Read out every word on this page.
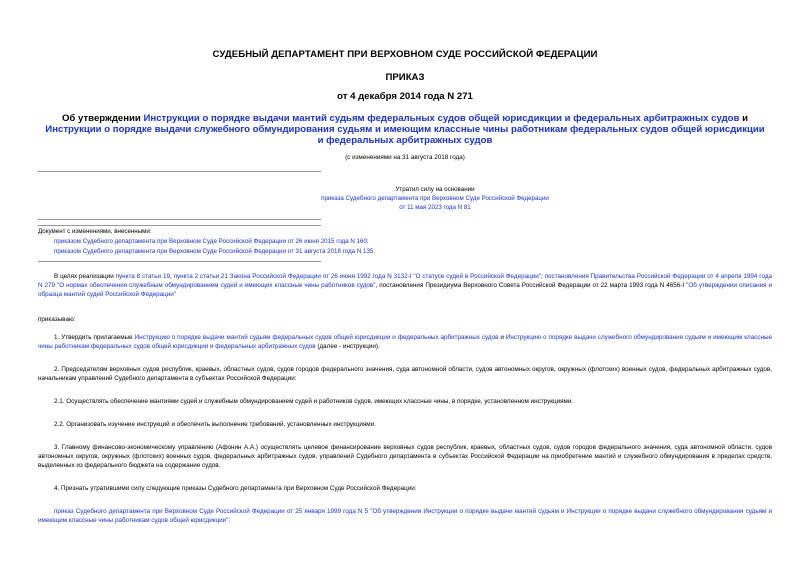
СУДЕБНЫЙ ДЕПАРТАМЕНТ ПРИ ВЕРХОВНОМ СУДЕ РОССИЙСКОЙ ФЕДЕРАЦИИ
ПРИКАЗ
от 4 декабря 2014 года N 271
Об утверждении Инструкции о порядке выдачи мантий судьям федеральных судов общей юрисдикции и федеральных арбитражных судов и Инструкции о порядке выдачи служебного обмундирования судьям и имеющим классные чины работникам федеральных судов общей юрисдикции и федеральных арбитражных судов
(с изменениями на 31 августа 2018 года)
Утратил силу на основании
приказа Судебного департамента при Верховном Суде Российской Федерации
от 11 мая 2023 года N 81
Документ с изменениями, внесенными:
приказом Судебного департамента при Верховном Суде Российской Федерации от 26 июня 2015 года N 160;
приказом Судебного департамента при Верховном Суде Российской Федерации от 31 августа 2018 года N 135.

В целях реализации пункта 8 статьи 19, пункта 2 статьи 21 Закона Российской Федерации от 26 июня 1992 года N 3132-I "О статусе судей в Российской Федерации"; постановления Правительства Российской Федерации от 4 апреля 1994 года N 279 "О нормах обеспечения служебным обмундированием судей и имеющих классные чины работников судов", постановления Президиума Верховного Совета Российской Федерации от 22 марта 1993 года N 4656-I "Об утверждении описания и образца мантий судей Российской Федерации"

приказываю:

1. Утвердить прилагаемые Инструкцию о порядке выдачи мантий судьям федеральных судов общей юрисдикции и федеральных арбитражных судов и Инструкцию о порядке выдачи служебного обмундирования судьям и имеющим классные чины работникам федеральных судов общей юрисдикции и федеральных арбитражных судов (далее - инструкции).

2. Председателям верховных судов республик, краевых, областных судов, судов городов федерального значения, суда автономной области, судов автономных округов, окружных (флотских) военных судов, федеральных арбитражных судов, начальникам управлений Судебного департамента в субъектах Российской Федерации:

2.1. Осуществлять обеспечение мантиями судей и служебным обмундированием судей и работников судов, имеющих классные чины, в порядке, установленном инструкциями.

2.2. Организовать изучение инструкций и обеспечить выполнение требований, установленных инструкциями.

3. Главному финансово-экономическому управлению (Афонин А.А.) осуществлять целевое финансирование верховных судов республик, краевых, областных судов, судов городов федерального значения, суда автономной области, судов автономных округов, окружных (флотских) военных судов, федеральных арбитражных судов, управлений Судебного департамента в субъектах Российской Федерации на приобретение мантий и служебного обмундирования в пределах средств, выделенных из федерального бюджета на содержание судов.

4. Признать утратившими силу следующие приказы Судебного департамента при Верховном Суде Российской Федерации:

приказ Судебного департамента при Верховном Суде Российской Федерации от 25 января 1999 года N 5 "Об утверждении Инструкции о порядке выдачи мантий судьям и Инструкции о порядке выдачи служебного обмундирования судьям и имеющим классные чины работникам судов общей юрисдикции";
